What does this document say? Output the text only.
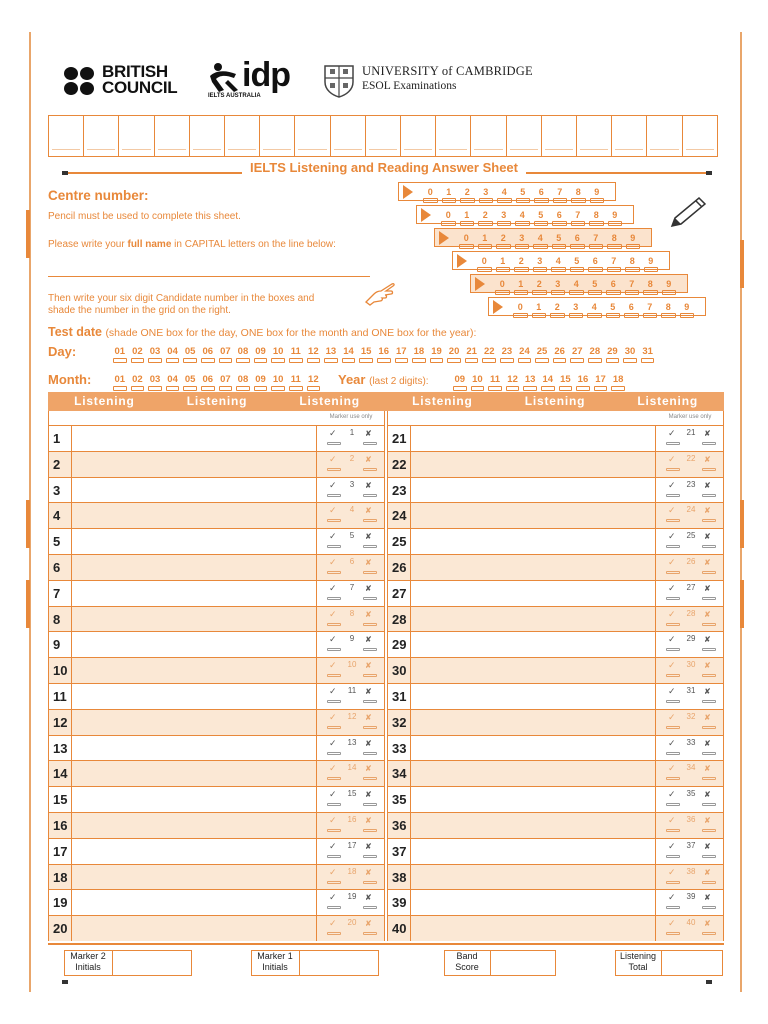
BRITISH
COUNCIL idp
IELTS AUSTRALIA
UNIVERSITY of CAMBRIDGE
ESOL Examinations
IELTS Listening and Reading Answer Sheet
Centre number:
Pencil must be used to complete this sheet.
Please write your full name in CAPITAL letters on the line below:
Then write your six digit Candidate number in the boxes and
shade the number in the grid on the right.
0	1	2	3	4	5	6	7	8	9
0	1	2	3	4	5	6	7	8	9
0	1	2	3	4	5	6	7	8	9
0	1	2	3	4	5	6	7	8	9
0	1	2	3	4	5	6	7	8	9
0	1	2	3	4	5	6	7	8	9
Test date (shade ONE box for the day, ONE box for the month and ONE box for the year):
Day:	01 02 03 04 05 06 07 08 09 10 11 12 13 14 15 16 17 18 19 20 21 22 23 24 25 26 27 28 29 30 31
Month:	01 02 03 04 05 06 07 08 09 10 11 12 Year (last 2 digits):	09 10 11 12 13 14 15 16 17 18
Listening	Listening	Listening	Listening	Listening	Listening
Marker use only
1	✓	1	✘
2	✓	2	✘
3	✓	3	✘
4	✓	4	✘
5	✓	5	✘
6	✓	6	✘
7	✓	7	✘
8	✓	8	✘
9	✓	9	✘
10	✓	10	✘
11	✓	11	✘
12	✓	12	✘
13	✓	13	✘
14	✓	14	✘
15	✓	15	✘
16	✓	16	✘
17	✓	17	✘
18	✓	18	✘
19	✓	19	✘
20	✓	20	✘
Marker use only
21	✓	21	✘
22	✓	22	✘
23	✓	23	✘
24	✓	24	✘
25	✓	25	✘
26	✓	26	✘
27	✓	27	✘
28	✓	28	✘
29	✓	29	✘
30	✓	30	✘
31	✓	31	✘
32	✓	32	✘
33	✓	33	✘
34	✓	34	✘
35	✓	35	✘
36	✓	36	✘
37	✓	37	✘
38	✓	38	✘
39	✓	39	✘
40	✓	40	✘
Marker 2
Initials
Marker 1
Initials
Band
Score
Listening
Total
